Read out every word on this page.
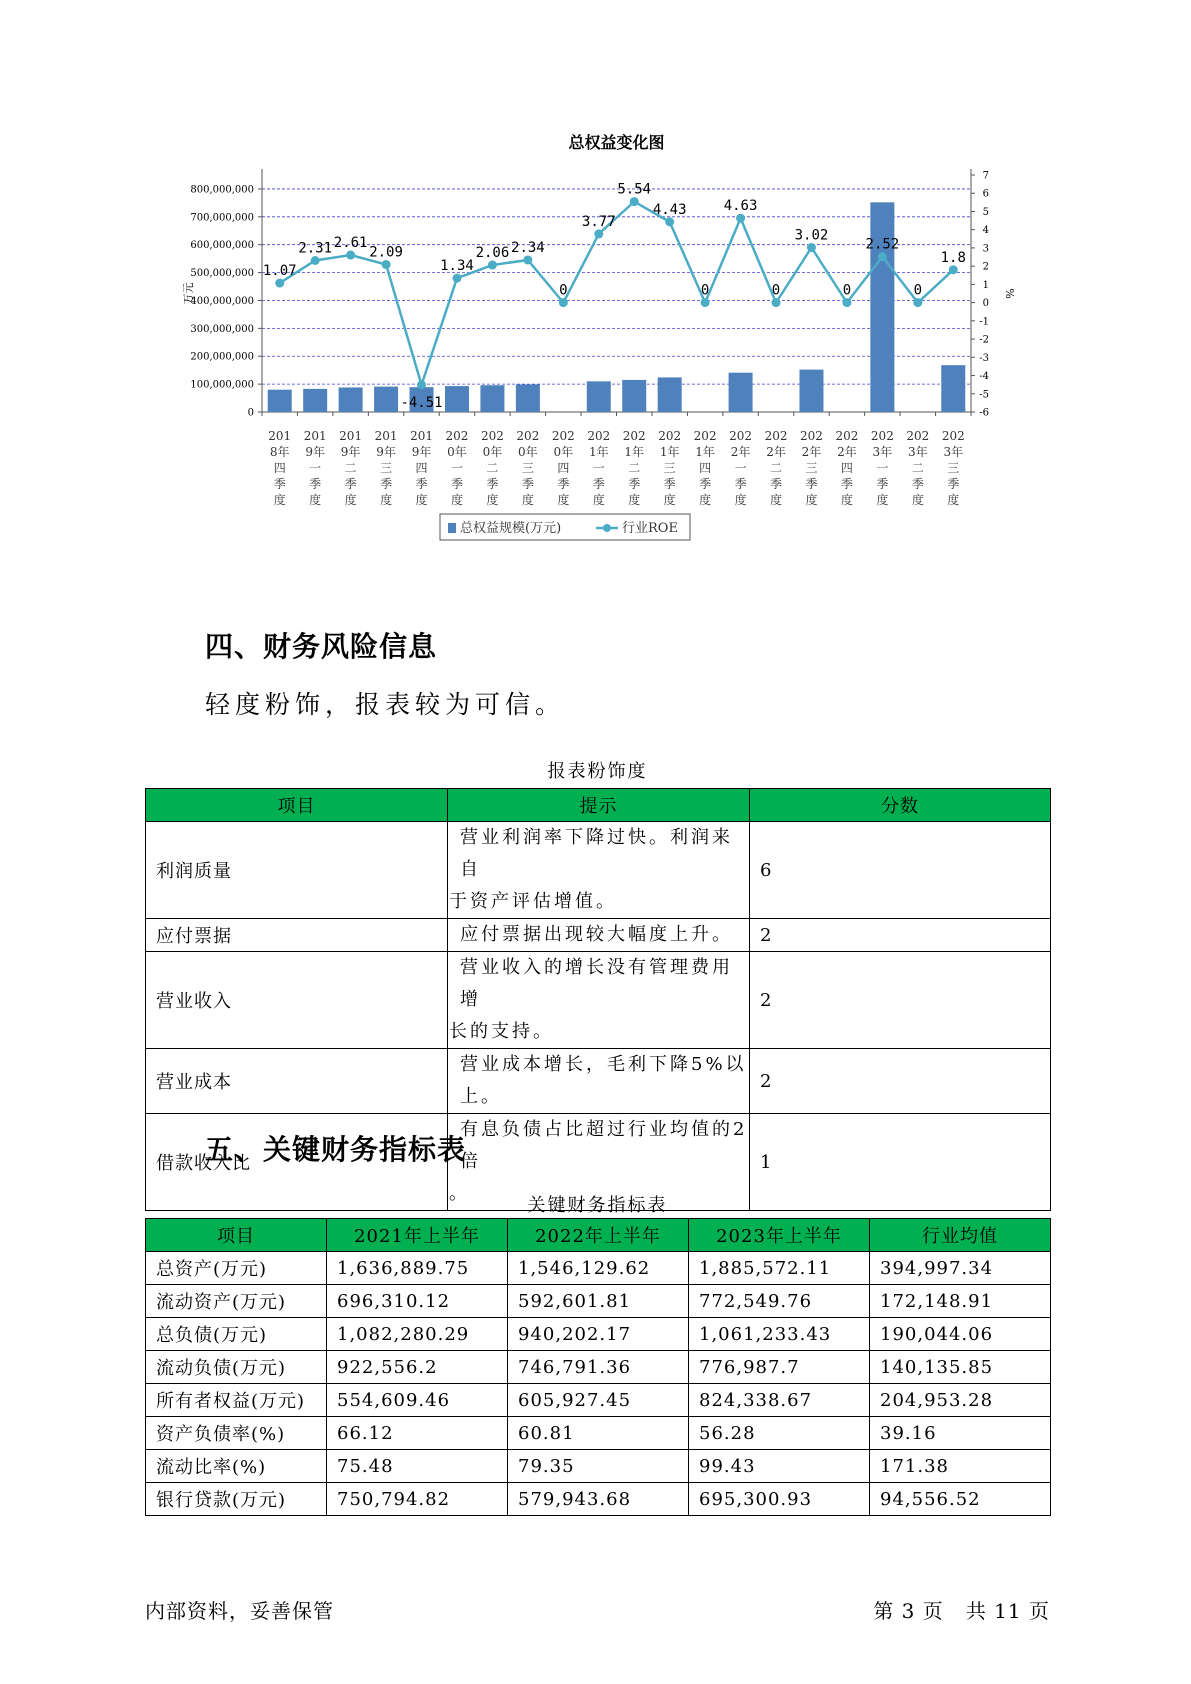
总权益变化图
0
100,000,000
200,000,000
300,000,000
400,000,000
500,000,000
600,000,000
700,000,000
800,000,000
-6
-5
-4
-3
-2
-1
0
1
2
3
4
5
6
7
万元	%
1.07
2.31 2.61
2.09
-4.51
1.34
2.06 2.34
0
3.77
5.54
4.43
0
4.63
0
3.02
0
2.52
0
1.8
201 8年四季度
201 9年一季度
201 9年二季度
201 9年三季度
201 9年四季度
202 0年一季度
202 0年二季度
202 0年三季度
202 0年四季度
202 1年一季度
202 1年二季度
202 1年三季度
202 1年四季度
202 2年一季度
202 2年二季度
202 2年三季度
202 2年四季度
202 3年一季度
202 3年二季度
202 3年三季度
总权益规模(万元)	行业ROE
四、财务风险信息
轻度粉饰，报表较为可信。
报表粉饰度
项目	提示	分数
利润质量	营业利润率下降过快。利润来自
于资产评估增值。	6
应付票据	应付票据出现较大幅度上升。	2
营业收入	营业收入的增长没有管理费用增
长的支持。	2
营业成本	营业成本增长，毛利下降5%以上。	2
借款收入比	有息负债占比超过行业均值的2倍
。	1
五、关键财务指标表
关键财务指标表
项目	2021年上半年	2022年上半年	2023年上半年	行业均值
总资产(万元)	1,636,889.75	1,546,129.62	1,885,572.11	394,997.34
流动资产(万元)	696,310.12	592,601.81	772,549.76	172,148.91
总负债(万元)	1,082,280.29	940,202.17	1,061,233.43	190,044.06
流动负债(万元)	922,556.2	746,791.36	776,987.7	140,135.85
所有者权益(万元)	554,609.46	605,927.45	824,338.67	204,953.28
资产负债率(%)	66.12	60.81	56.28	39.16
流动比率(%)	75.48	79.35	99.43	171.38
银行贷款(万元)	750,794.82	579,943.68	695,300.93	94,556.52
内部资料，妥善保管	第 3 页   共 11 页
